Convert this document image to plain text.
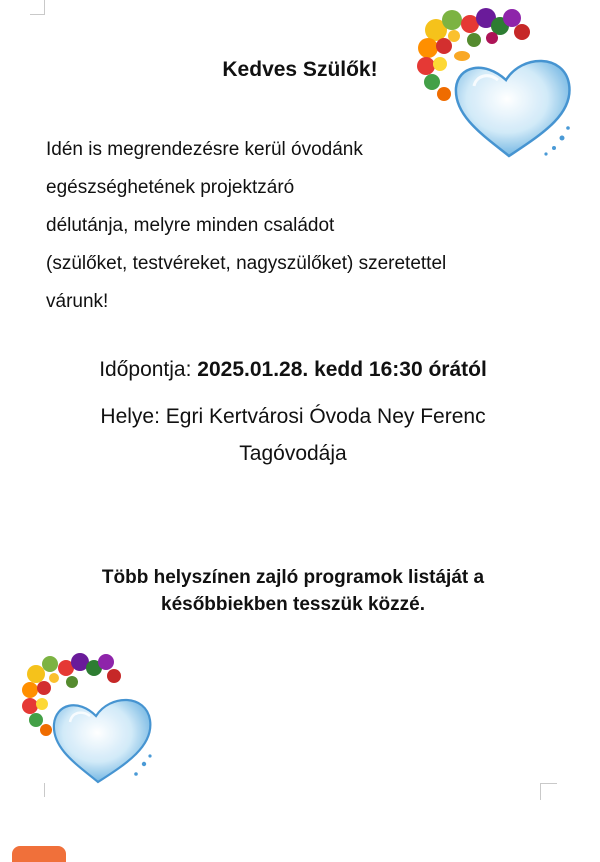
Kedves Szülők!

Idén is megrendezésre kerül óvodánk
egészséghetének projektzáró
délutánja, melyre minden családot
(szülőket, testvéreket, nagyszülőket) szeretettel
várunk!

Időpontja: 2025.01.28. kedd 16:30 órától

Helye: Egri Kertvárosi Óvoda Ney Ferenc
Tagóvodája

Több helyszínen zajló programok listáját a
későbbiekben tesszük közzé.
